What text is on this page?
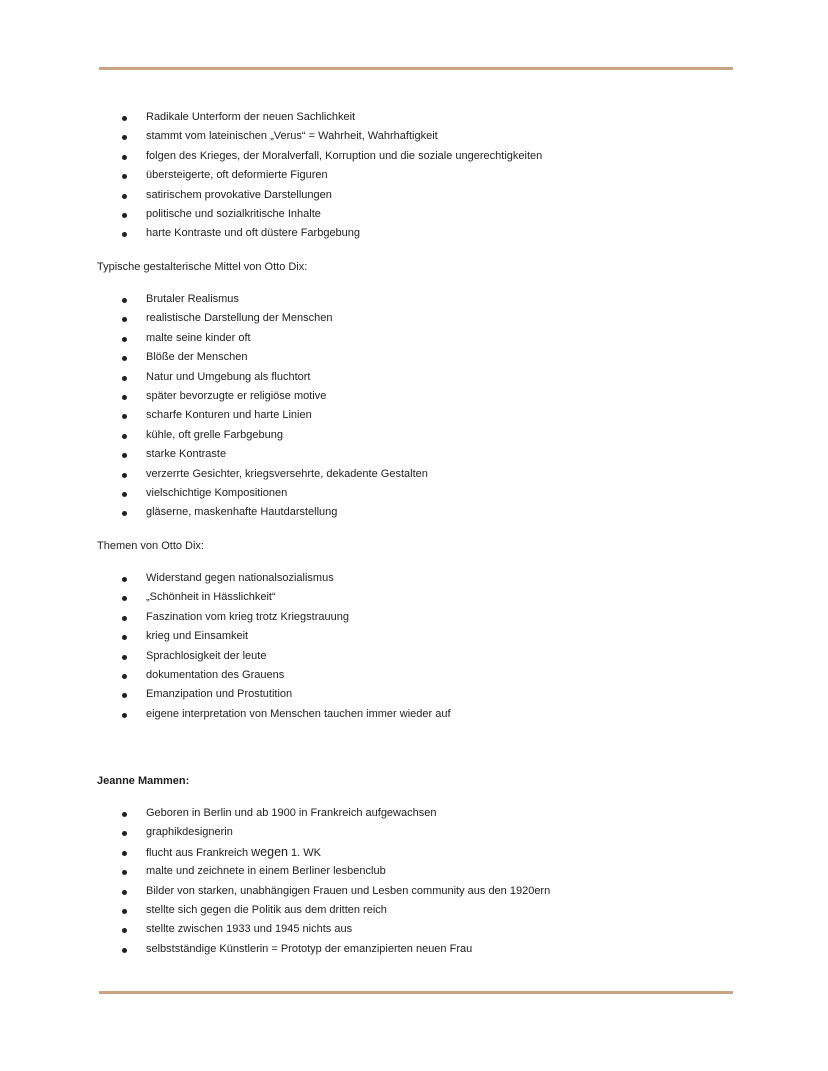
Radikale Unterform der neuen Sachlichkeit
stammt vom lateinischen „Verus“ = Wahrheit, Wahrhaftigkeit
folgen des Krieges, der Moralverfall, Korruption und die soziale ungerechtigkeiten
übersteigerte, oft deformierte Figuren
satirischem provokative Darstellungen
politische und sozialkritische Inhalte
harte Kontraste und oft düstere Farbgebung

Typische gestalterische Mittel von Otto Dix:

Brutaler Realismus
realistische Darstellung der Menschen
malte seine kinder oft
Blöße der Menschen
Natur und Umgebung als fluchtort
später bevorzugte er religiöse motive
scharfe Konturen und harte Linien
kühle, oft grelle Farbgebung
starke Kontraste
verzerrte Gesichter, kriegsversehrte, dekadente Gestalten
vielschichtige Kompositionen
gläserne, maskenhafte Hautdarstellung

Themen von Otto Dix:

Widerstand gegen nationalsozialismus
„Schönheit in Hässlichkeit“
Faszination vom krieg trotz Kriegstrauung
krieg und Einsamkeit
Sprachlosigkeit der leute
dokumentation des Grauens
Emanzipation und Prostutition
eigene interpretation von Menschen tauchen immer wieder auf

Jeanne Mammen:

Geboren in Berlin und ab 1900 in Frankreich aufgewachsen
graphikdesignerin
flucht aus Frankreich wegen 1. WK
malte und zeichnete in einem Berliner lesbenclub
Bilder von starken, unabhängigen Frauen und Lesben community aus den 1920ern
stellte sich gegen die Politik aus dem dritten reich
stellte zwischen 1933 und 1945 nichts aus
selbstständige Künstlerin = Prototyp der emanzipierten neuen Frau
